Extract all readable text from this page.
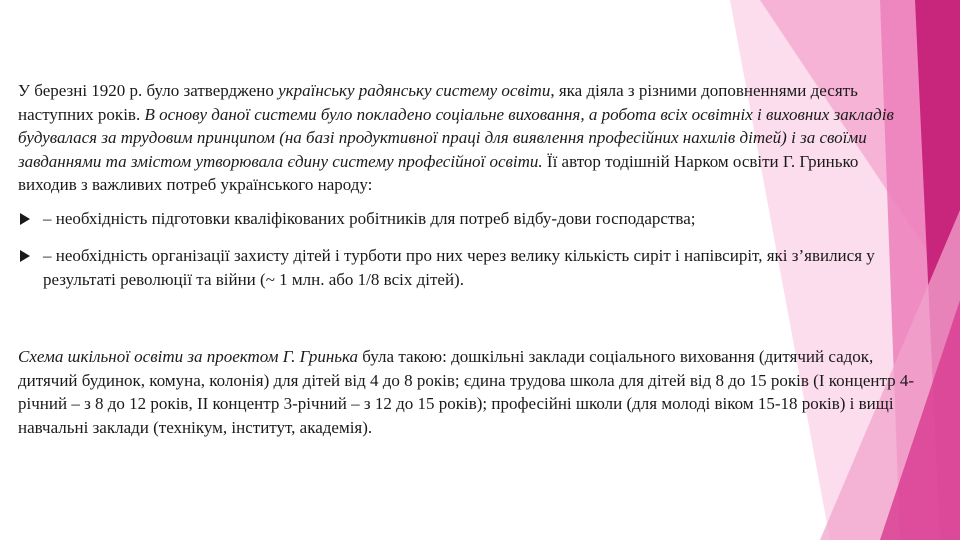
У березні 1920 р. було затверджено українську радянську систему освіти, яка діяла з різними доповненнями десять наступних років. В основу даної системи було покладено соціальне виховання, а робота всіх освітніх і виховних закладів будувалася за трудовим принципом (на базі продуктивної праці для виявлення професійних нахилів дітей) і за своїми завданнями та змістом утворювала єдину систему професійної освіти. Її автор тодішній Нарком освіти Г. Гринько виходив з важливих потреб українського народу:

– необхідність підготовки кваліфікованих робітників для потреб відбу-дови господарства;
– необхідність організації захисту дітей і турботи про них через велику кількість сиріт і напівсиріт, які з’явилися у результаті революції та війни (~ 1 млн. або 1/8 всіх дітей).

Схема шкільної освіти за проектом Г. Гринька була такою: дошкільні заклади соціального виховання (дитячий садок, дитячий будинок, комуна, колонія) для дітей від 4 до 8 років; єдина трудова школа для дітей від 8 до 15 років (І концентр 4-річний – з 8 до 12 років, ІІ концентр 3-річний – з 12 до 15 років); професійні школи (для молоді віком 15-18 років) і вищі навчальні заклади (технікум, інститут, академія).
